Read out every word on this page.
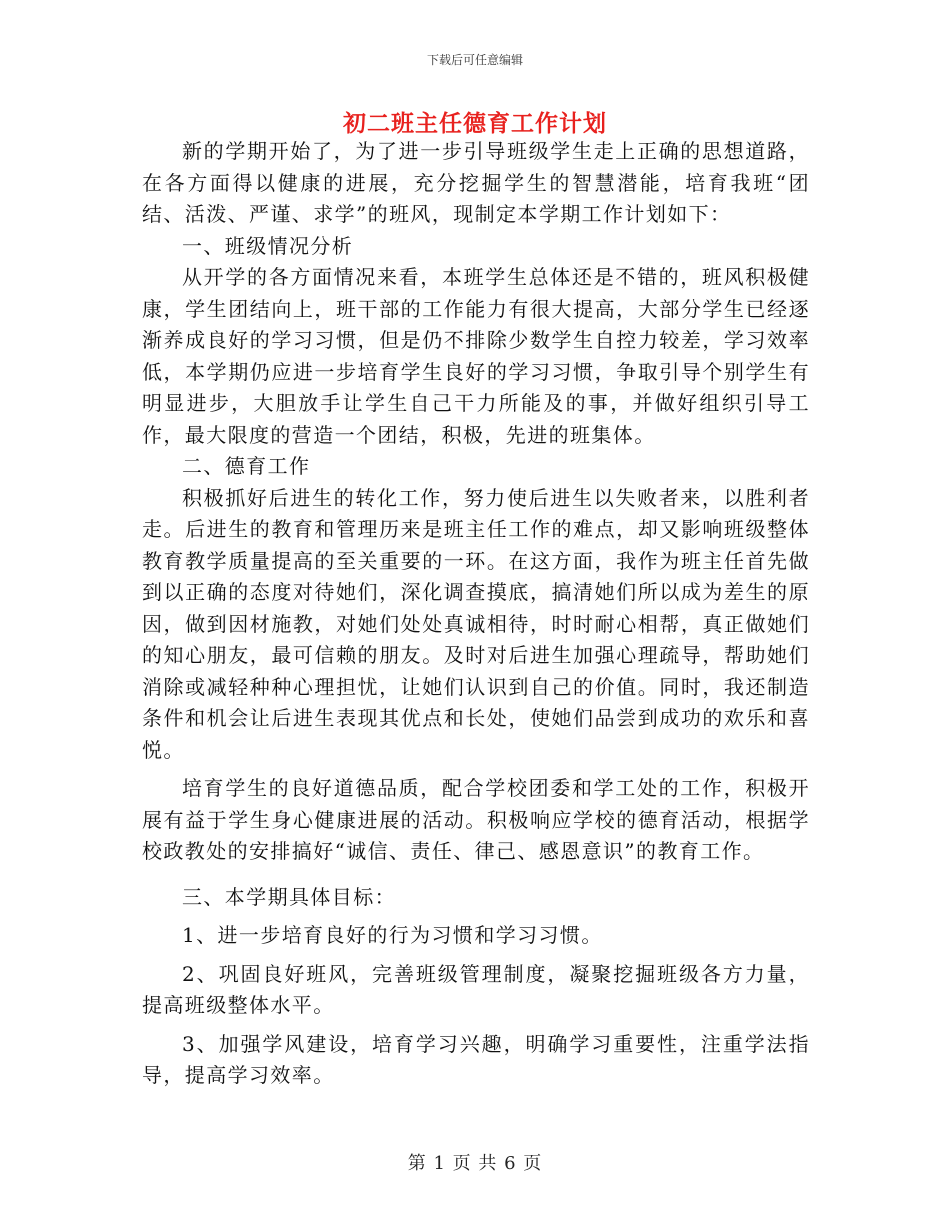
下载后可任意编辑
初二班主任德育工作计划

新的学期开始了，为了进一步引导班级学生走上正确的思想道路，在各方面得以健康的进展，充分挖掘学生的智慧潜能，培育我班“团结、活泼、严谨、求学”的班风，现制定本学期工作计划如下：

一、班级情况分析

从开学的各方面情况来看，本班学生总体还是不错的，班风积极健康，学生团结向上，班干部的工作能力有很大提高，大部分学生已经逐渐养成良好的学习习惯，但是仍不排除少数学生自控力较差，学习效率低，本学期仍应进一步培育学生良好的学习习惯，争取引导个别学生有明显进步，大胆放手让学生自己干力所能及的事，并做好组织引导工作，最大限度的营造一个团结，积极，先进的班集体。

二、德育工作

积极抓好后进生的转化工作，努力使后进生以失败者来，以胜利者走。后进生的教育和管理历来是班主任工作的难点，却又影响班级整体教育教学质量提高的至关重要的一环。在这方面，我作为班主任首先做到以正确的态度对待她们，深化调查摸底，搞清她们所以成为差生的原因，做到因材施教，对她们处处真诚相待，时时耐心相帮，真正做她们的知心朋友，最可信赖的朋友。及时对后进生加强心理疏导，帮助她们消除或减轻种种心理担忧，让她们认识到自己的价值。同时，我还制造条件和机会让后进生表现其优点和长处，使她们品尝到成功的欢乐和喜悦。

培育学生的良好道德品质，配合学校团委和学工处的工作，积极开展有益于学生身心健康进展的活动。积极响应学校的德育活动，根据学校政教处的安排搞好“诚信、责任、律己、感恩意识”的教育工作。

三、本学期具体目标：

1、进一步培育良好的行为习惯和学习习惯。

2、巩固良好班风，完善班级管理制度，凝聚挖掘班级各方力量，提高班级整体水平。

3、加强学风建设，培育学习兴趣，明确学习重要性，注重学法指导，提高学习效率。

第 1 页 共 6 页
